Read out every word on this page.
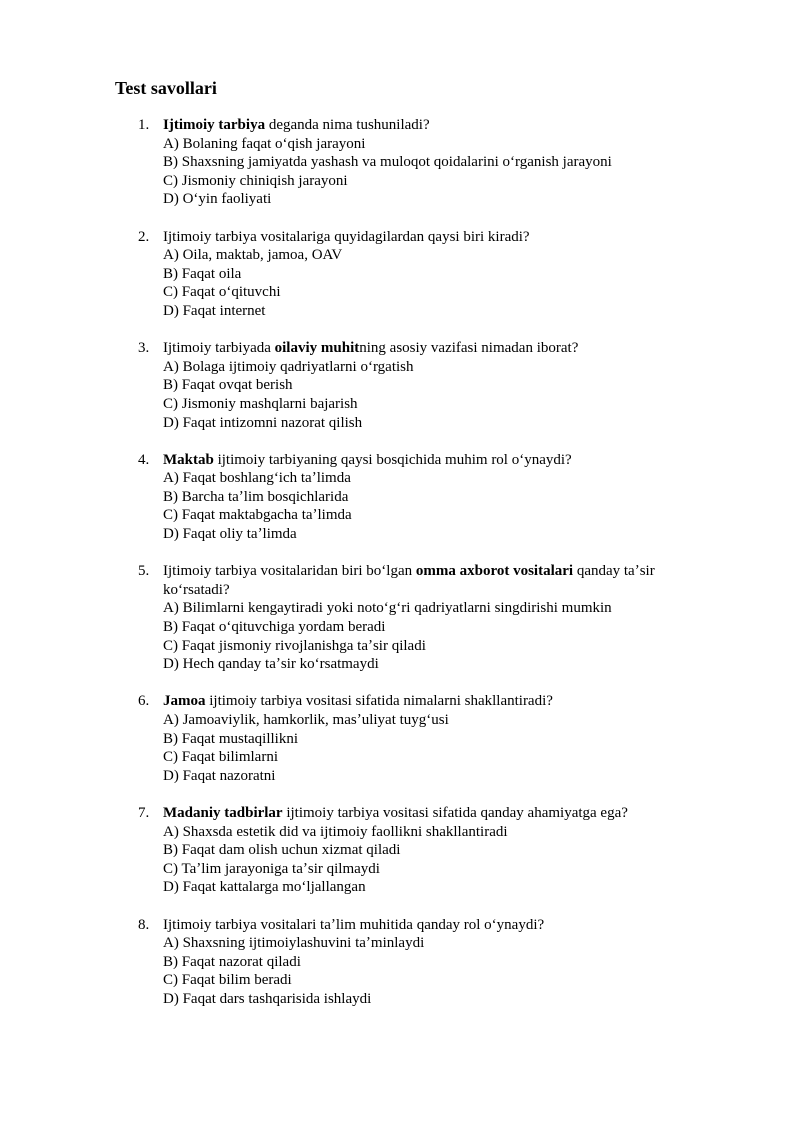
Test savollari
1. Ijtimoiy tarbiya deganda nima tushuniladi?

A) Bolaning faqat oʻqish jarayoni
B) Shaxsning jamiyatda yashash va muloqot qoidalarini oʻrganish jarayoni
C) Jismoniy chiniqish jarayoni
D) Oʻyin faoliyati
2. Ijtimoiy tarbiya vositalariga quyidagilardan qaysi biri kiradi?

A) Oila, maktab, jamoa, OAV
B) Faqat oila
C) Faqat oʻqituvchi
D) Faqat internet
3. Ijtimoiy tarbiyada oilaviy muhitning asosiy vazifasi nimadan iborat?

A) Bolaga ijtimoiy qadriyatlarni oʻrgatish
B) Faqat ovqat berish
C) Jismoniy mashqlarni bajarish
D) Faqat intizomni nazorat qilish
4. Maktab ijtimoiy tarbiyaning qaysi bosqichida muhim rol oʻynaydi?

A) Faqat boshlangʻich taʼlimda
B) Barcha taʼlim bosqichlarida
C) Faqat maktabgacha taʼlimda
D) Faqat oliy taʼlimda
5. Ijtimoiy tarbiya vositalaridan biri boʻlgan omma axborot vositalari qanday taʼsir koʻrsatadi?

A) Bilimlarni kengaytiradi yoki notoʻgʻri qadriyatlarni singdirishi mumkin
B) Faqat oʻqituvchiga yordam beradi
C) Faqat jismoniy rivojlanishga taʼsir qiladi
D) Hech qanday taʼsir koʻrsatmaydi
6. Jamoa ijtimoiy tarbiya vositasi sifatida nimalarni shakllantiradi?

A) Jamoaviylik, hamkorlik, masʼuliyat tuygʻusi
B) Faqat mustaqillikni
C) Faqat bilimlarni
D) Faqat nazoratni
7. Madaniy tadbirlar ijtimoiy tarbiya vositasi sifatida qanday ahamiyatga ega?

A) Shaxsda estetik did va ijtimoiy faollikni shakllantiradi
B) Faqat dam olish uchun xizmat qiladi
C) Taʼlim jarayoniga taʼsir qilmaydi
D) Faqat kattalarga moʻljallangan
8. Ijtimoiy tarbiya vositalari taʼlim muhitida qanday rol oʻynaydi?

A) Shaxsning ijtimoiylashuvini taʼminlaydi
B) Faqat nazorat qiladi
C) Faqat bilim beradi
D) Faqat dars tashqarisida ishlaydi
